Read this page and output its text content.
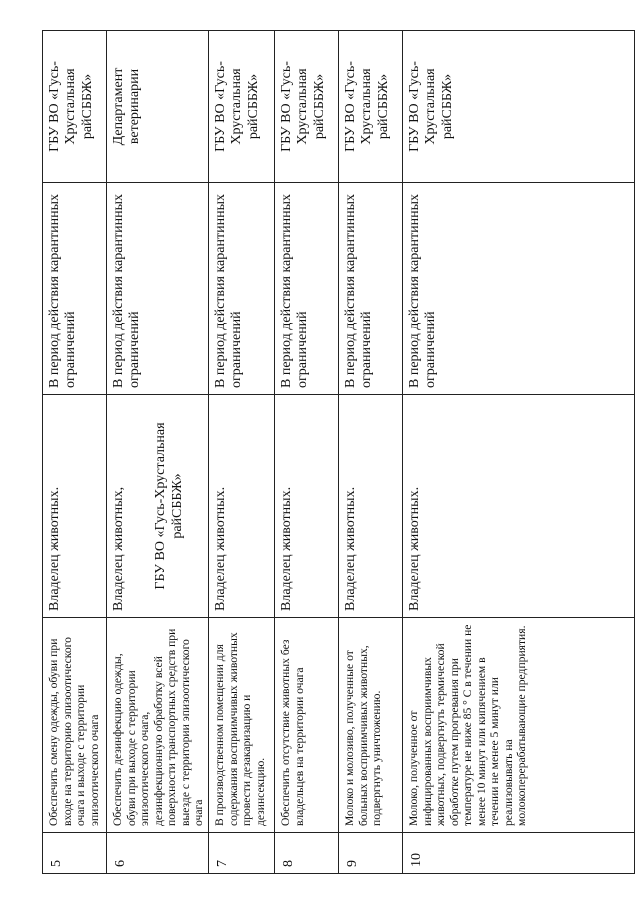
5	Обеспечить смену одежды, обуви при входе на территорию эпизоотического очага и выходе с территории эпизоотического очага	Владелец животных.	В период действия карантинных ограничений	ГБУ ВО «Гусь-Хрустальная райСББЖ»
6	Обеспечить дезинфекцию одежды, обуви при выходе с территории эпизоотического очага, дезинфекционную обработку всей поверхности транспортных средств при выезде с территории эпизоотического очага	Владелец животных, ГБУ ВО «Гусь-Хрустальная райСББЖ»	В период действия карантинных ограничений	Департамент ветеринарии
7	В производственном помещении для содержания восприимчивых животных провести дезакаризацию и дезинсекцию.	Владелец животных.	В период действия карантинных ограничений	ГБУ ВО «Гусь-Хрустальная райСББЖ»
8	Обеспечить отсутствие животных без владельцев на территории очага	Владелец животных.	В период действия карантинных ограничений	ГБУ ВО «Гусь-Хрустальная райСББЖ»
9	Молоко и молозиво, полученные от больных восприимчивых животных, подвергнуть уничтожению.	Владелец животных.	В период действия карантинных ограничений	ГБУ ВО «Гусь-Хрустальная райСББЖ»
10	Молоко, полученное от инфицированных восприимчивых животных, подвергнуть термической обработке путем прогревания при температуре не ниже 85 ° С в течении не менее 10 минут или кипячением в течении не менее 5 минут или реализовывать на молокоперерабатывающие предприятия.	Владелец животных.	В период действия карантинных ограничений	ГБУ ВО «Гусь-Хрустальная райСББЖ»
